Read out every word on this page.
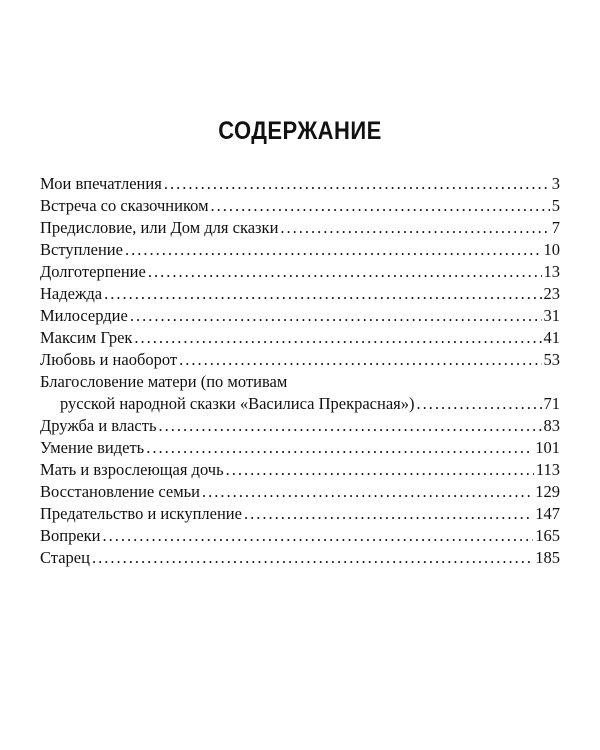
СОДЕРЖАНИЕ
Мои впечатления .....	3
Встреча со сказочником .....	5
Предисловие, или Дом для сказки .....	7
Вступление .....	10
Долготерпение .....	13
Надежда .....	23
Милосердие .....	31
Максим Грек .....	41
Любовь и наоборот .....	53
Благословение матери (по мотивам
русской народной сказки «Василиса Прекрасная») .....	71
Дружба и власть .....	83
Умение видеть .....	101
Мать и взрослеющая дочь .....	113
Восстановление семьи .....	129
Предательство и искупление .....	147
Вопреки .....	165
Старец .....	185
